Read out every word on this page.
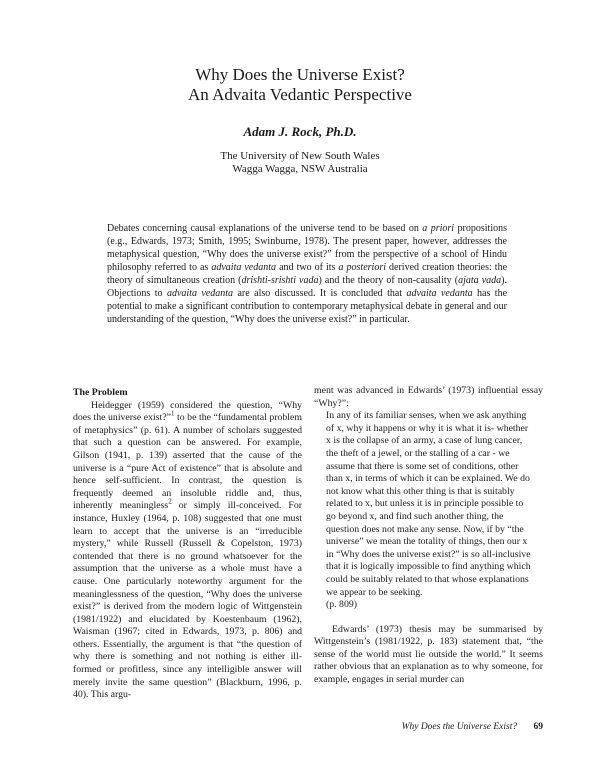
Why Does the Universe Exist?
An Advaita Vedantic Perspective
Adam J. Rock, Ph.D.
The University of New South Wales
Wagga Wagga, NSW Australia
Debates concerning causal explanations of the universe tend to be based on a priori propositions (e.g., Edwards, 1973; Smith, 1995; Swinburne, 1978). The present paper, however, addresses the metaphysical question, “Why does the universe exist?” from the perspective of a school of Hindu philosophy referred to as advaita vedanta and two of its a posteriori derived creation theories: the theory of simultaneous creation (drishti-srishti vada) and the theory of non-causality (ajata vada). Objections to advaita vedanta are also discussed. It is concluded that advaita vedanta has the potential to make a significant contribution to contemporary metaphysical debate in general and our understanding of the question, “Why does the universe exist?” in particular.
The Problem

Heidegger (1959) considered the question, “Why does the universe exist?”$^1$ to be the “fundamental problem of metaphysics” (p. 61). A number of scholars suggested that such a question can be answered. For example, Gilson (1941, p. 139) asserted that the cause of the universe is a “pure Act of existence” that is absolute and hence self-sufficient. In contrast, the question is frequently deemed an insoluble riddle and, thus, inherently meaningless$^2$ or simply ill-conceived. For instance, Huxley (1964, p. 108) suggested that one must learn to accept that the universe is an “irreducible mystery,” while Russell (Russell & Copelston, 1973) contended that there is no ground whatsoever for the assumption that the universe as a whole must have a cause. One particularly noteworthy argument for the meaninglessness of the question, “Why does the universe exist?” is derived from the modern logic of Wittgenstein (1981/1922) and elucidated by Koestenbaum (1962), Waisman (1967; cited in Edwards, 1973, p. 806) and others. Essentially, the argument is that “the question of why there is something and not nothing is either ill-formed or profitless, since any intelligible answer will merely invite the same question” (Blackburn, 1996, p. 40). This argu-

ment was advanced in Edwards’ (1973) influential essay “Why?”:

In any of its familiar senses, when we ask anything of x, why it happens or why it is what it is- whether x is the collapse of an army, a case of lung cancer, the theft of a jewel, or the stalling of a car - we assume that there is some set of conditions, other than x, in terms of which it can be explained. We do not know what this other thing is that is suitably related to x, but unless it is in principle possible to go beyond x, and find such another thing, the question does not make any sense. Now, if by “the universe” we mean the totality of things, then our x in “Why does the universe exist?” is so all-inclusive that it is logically impossible to find anything which could be suitably related to that whose explanations we appear to be seeking.

(p. 809)

Edwards’ (1973) thesis may be summarised by Wittgenstein’s (1981/1922, p. 183) statement that, “the sense of the world must lie outside the world.” It seems rather obvious that an explanation as to why someone, for example, engages in serial murder can

Why Does the Universe Exist? 69
